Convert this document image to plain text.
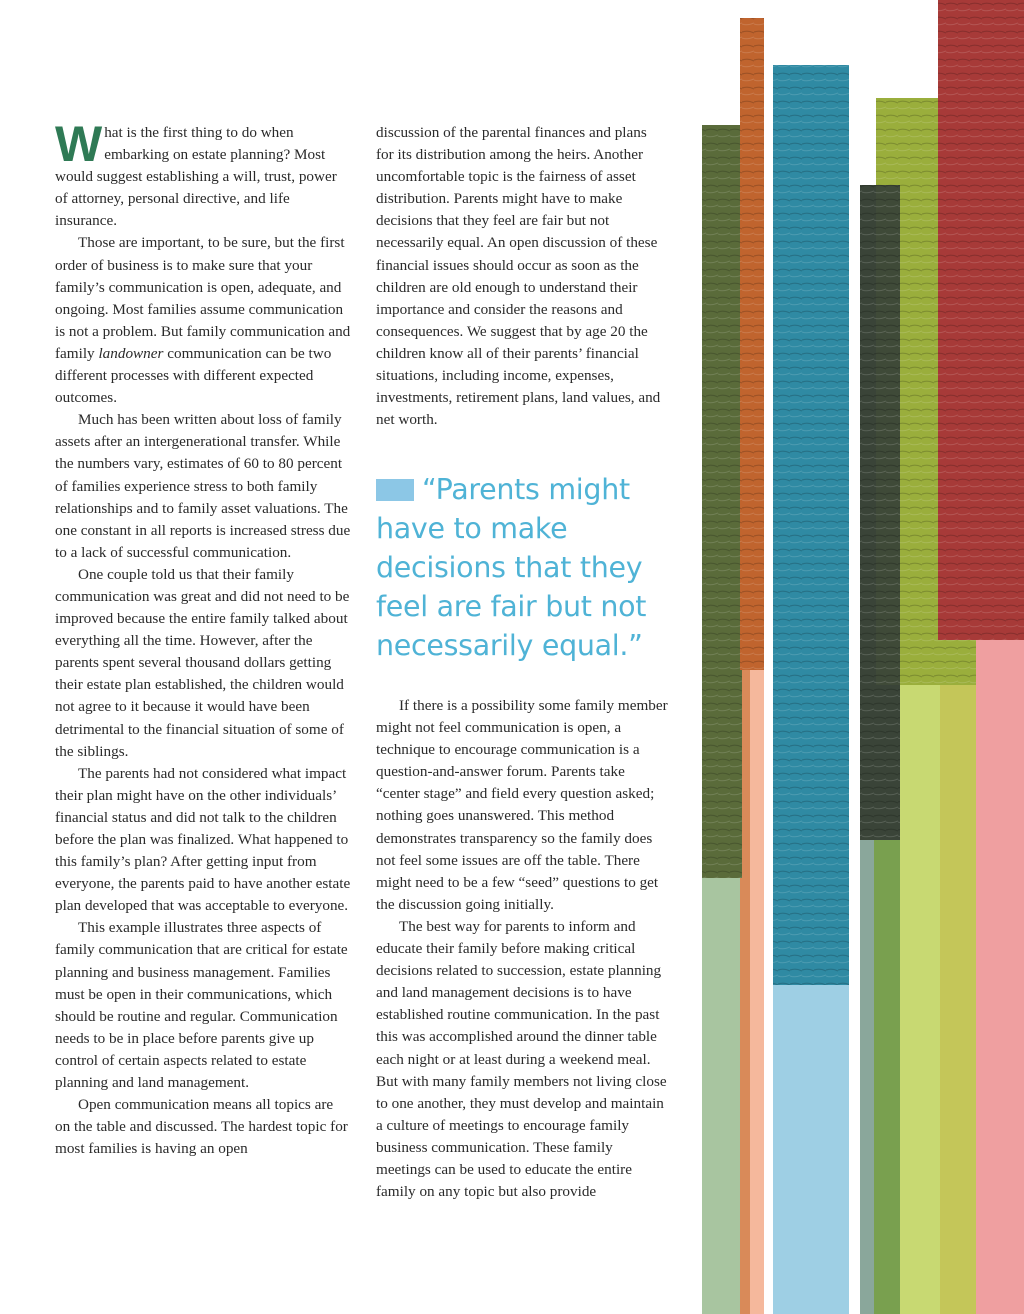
What is the first thing to do when embarking on estate planning? Most would suggest establishing a will, trust, power of attorney, personal directive, and life insurance.

Those are important, to be sure, but the first order of business is to make sure that your family’s communication is open, adequate, and ongoing. Most families assume communication is not a problem. But family communication and family landowner communication can be two different processes with different expected outcomes.

Much has been written about loss of family assets after an intergenerational transfer. While the numbers vary, estimates of 60 to 80 percent of families experience stress to both family relationships and to family asset valuations. The one constant in all reports is increased stress due to a lack of successful communication.

One couple told us that their family communication was great and did not need to be improved because the entire family talked about everything all the time. However, after the parents spent several thousand dollars getting their estate plan established, the children would not agree to it because it would have been detrimental to the financial situation of some of the siblings.

The parents had not considered what impact their plan might have on the other individuals’ financial status and did not talk to the children before the plan was finalized. What happened to this family’s plan? After getting input from everyone, the parents paid to have another estate plan developed that was acceptable to everyone.

This example illustrates three aspects of family communication that are critical for estate planning and business management. Families must be open in their communications, which should be routine and regular. Communication needs to be in place before parents give up control of certain aspects related to estate planning and land management.

Open communication means all topics are on the table and discussed. The hardest topic for most families is having an open

discussion of the parental finances and plans for its distribution among the heirs. Another uncomfortable topic is the fairness of asset distribution. Parents might have to make decisions that they feel are fair but not necessarily equal. An open discussion of these financial issues should occur as soon as the children are old enough to understand their importance and consider the reasons and consequences. We suggest that by age 20 the children know all of their parents’ financial situations, including income, expenses, investments, retirement plans, land values, and net worth.

“Parents might have to make decisions that they feel are fair but not necessarily equal.”

If there is a possibility some family member might not feel communication is open, a technique to encourage communication is a question-and-answer forum. Parents take “center stage” and field every question asked; nothing goes unanswered. This method demonstrates transparency so the family does not feel some issues are off the table. There might need to be a few “seed” questions to get the discussion going initially.

The best way for parents to inform and educate their family before making critical decisions related to succession, estate planning and land management decisions is to have established routine communication. In the past this was accomplished around the dinner table each night or at least during a weekend meal. But with many family members not living close to one another, they must develop and maintain a culture of meetings to encourage family business communication. These family meetings can be used to educate the entire family on any topic but also provide
